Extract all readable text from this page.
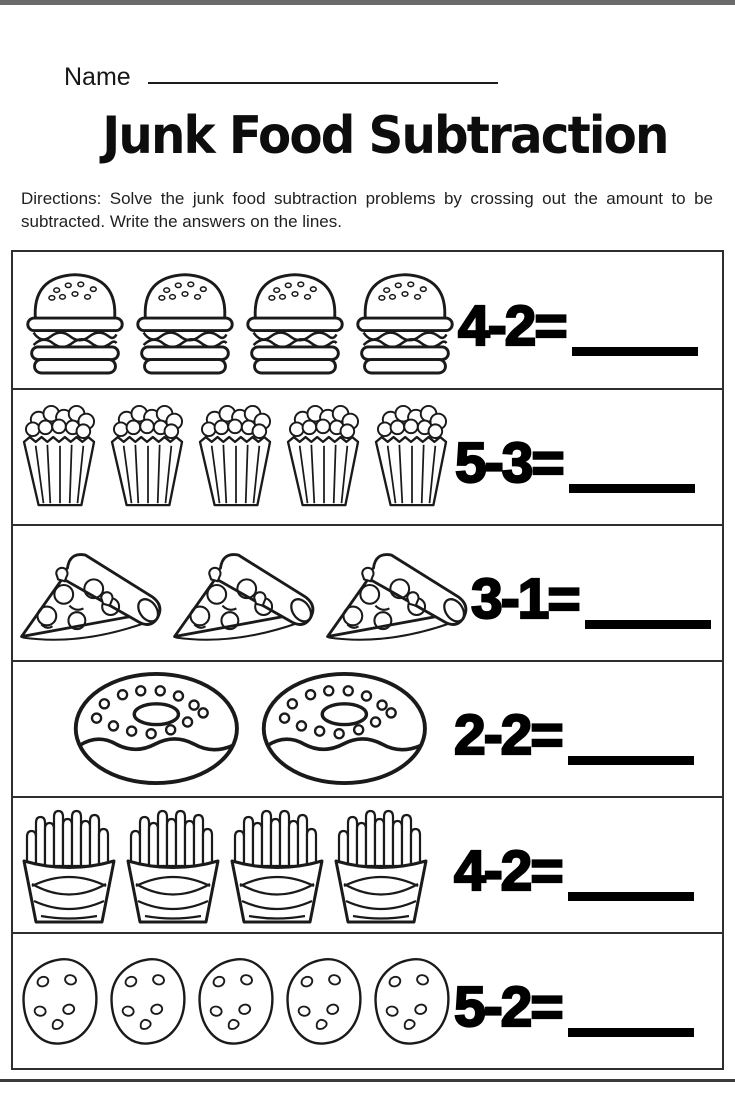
Name
Junk Food Subtraction

Directions: Solve the junk food subtraction problems by crossing out the amount to be subtracted. Write the answers on the lines.

4-2=
5-3=
3-1=
2-2=
4-2=
5-2=
